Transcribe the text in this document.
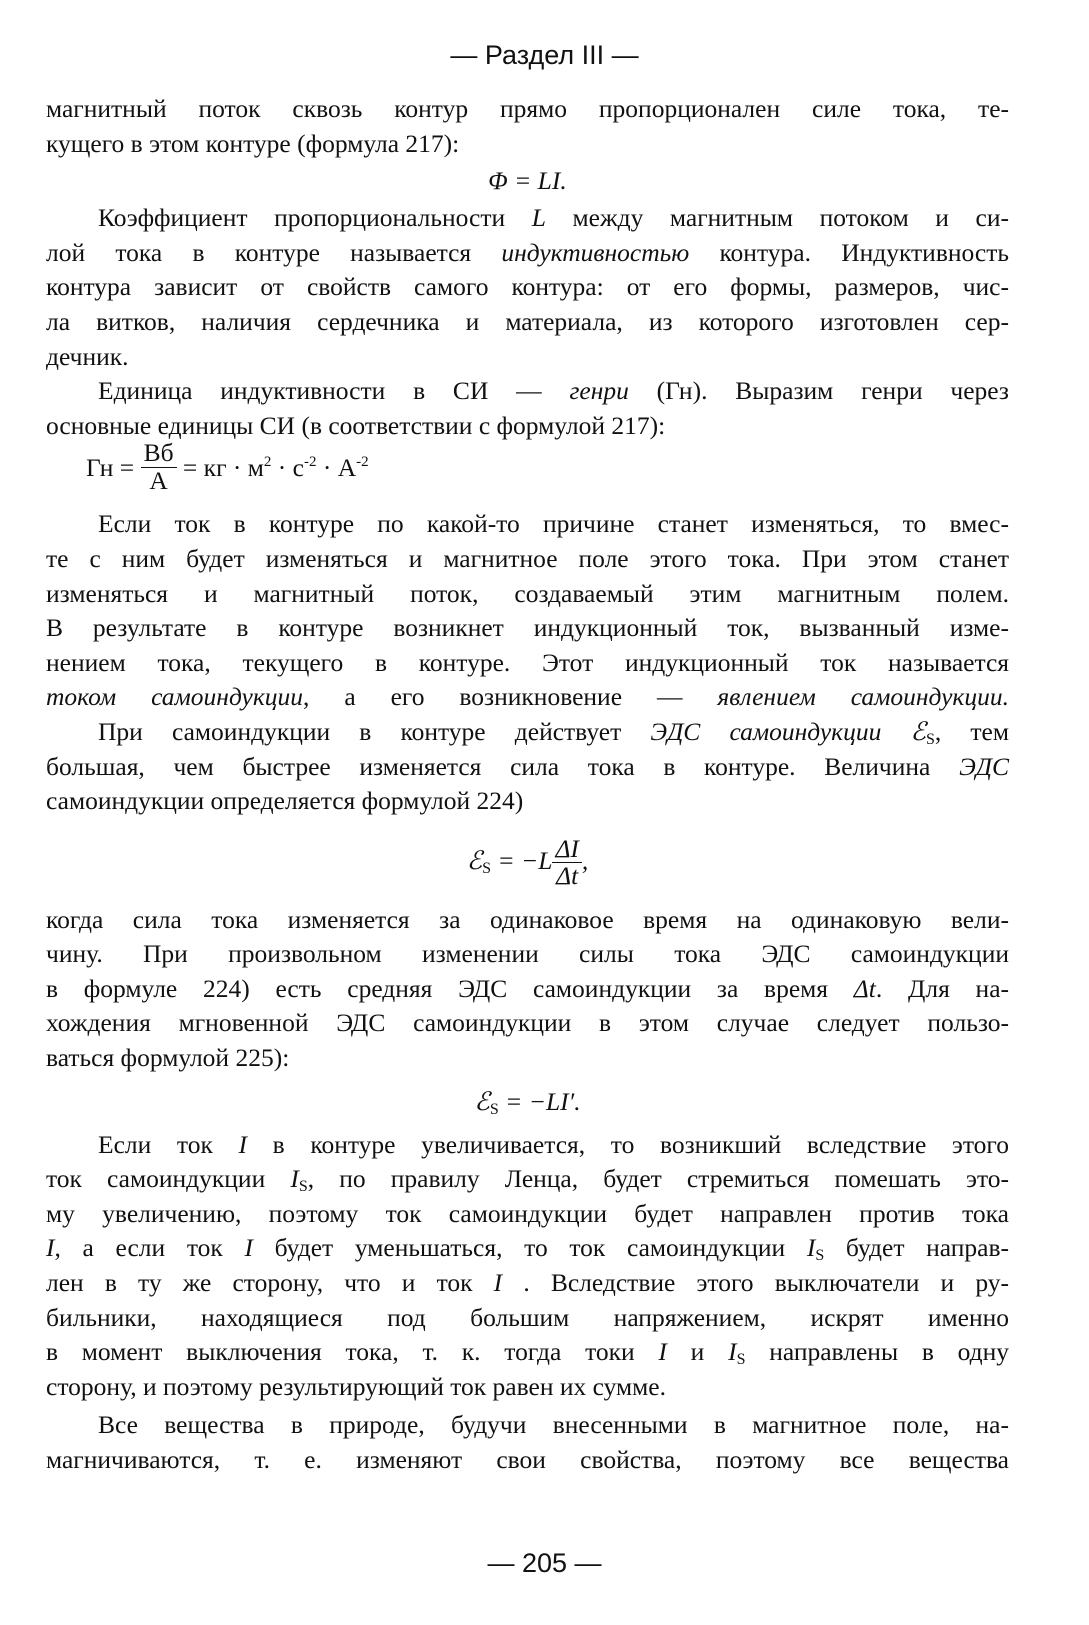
— Раздел III —
магнитный поток сквозь контур прямо пропорционален силе тока, те-
кущего в этом контуре (формула 217):
Φ = LI.
Коэффициент пропорциональности L между магнитным потоком и си-
лой тока в контуре называется индуктивностью контура. Индуктивность
контура зависит от свойств самого контура: от его формы, размеров, чис-
ла витков, наличия сердечника и материала, из которого изготовлен сер-
дечник.
Единица индуктивности в СИ — генри (Гн). Выразим генри через
основные единицы СИ (в соответствии с формулой 217):
Гн = $\frac{Вб}{А}$ = кг · $м^2 \cdot с^{-2} \cdot А^{-2}$
Если ток в контуре по какой-то причине станет изменяться, то вмес-
те с ним будет изменяться и магнитное поле этого тока. При этом станет
изменяться и магнитный поток, создаваемый этим магнитным полем.
В результате в контуре возникнет индукционный ток, вызванный изме-
нением тока, текущего в контуре. Этот индукционный ток называется
током самоиндукции, а его возникновение — явлением самоиндукции.
При самоиндукции в контуре действует ЭДС самоиндукции ℰ$_S$, тем
большая, чем быстрее изменяется сила тока в контуре. Величина ЭДС
самоиндукции определяется формулой 224)
ℰ$_S$ = $-L \frac{\Delta I}{\Delta t}$ ,
когда сила тока изменяется за одинаковое время на одинаковую вели-
чину. При произвольном изменении силы тока ЭДС самоиндукции
в формуле 224) есть средняя ЭДС самоиндукции за время Δt. Для на-
хождения мгновенной ЭДС самоиндукции в этом случае следует пользо-
ваться формулой 225):
ℰ$_S$ = −LI′.
Если ток I в контуре увеличивается, то возникший вследствие этого
ток самоиндукции $I_S$, по правилу Ленца, будет стремиться помешать это-
му увеличению, поэтому ток самоиндукции будет направлен против тока
I, а если ток I будет уменьшаться, то ток самоиндукции $I_S$ будет направ-
лен в ту же сторону, что и ток I . Вследствие этого выключатели и ру-
бильники, находящиеся под большим напряжением, искрят именно
в момент выключения тока, т. к. тогда токи I и $I_S$ направлены в одну
сторону, и поэтому результирующий ток равен их сумме.
Все вещества в природе, будучи внесенными в магнитное поле, на-
магничиваются, т. е. изменяют свои свойства, поэтому все вещества
— 205 —
